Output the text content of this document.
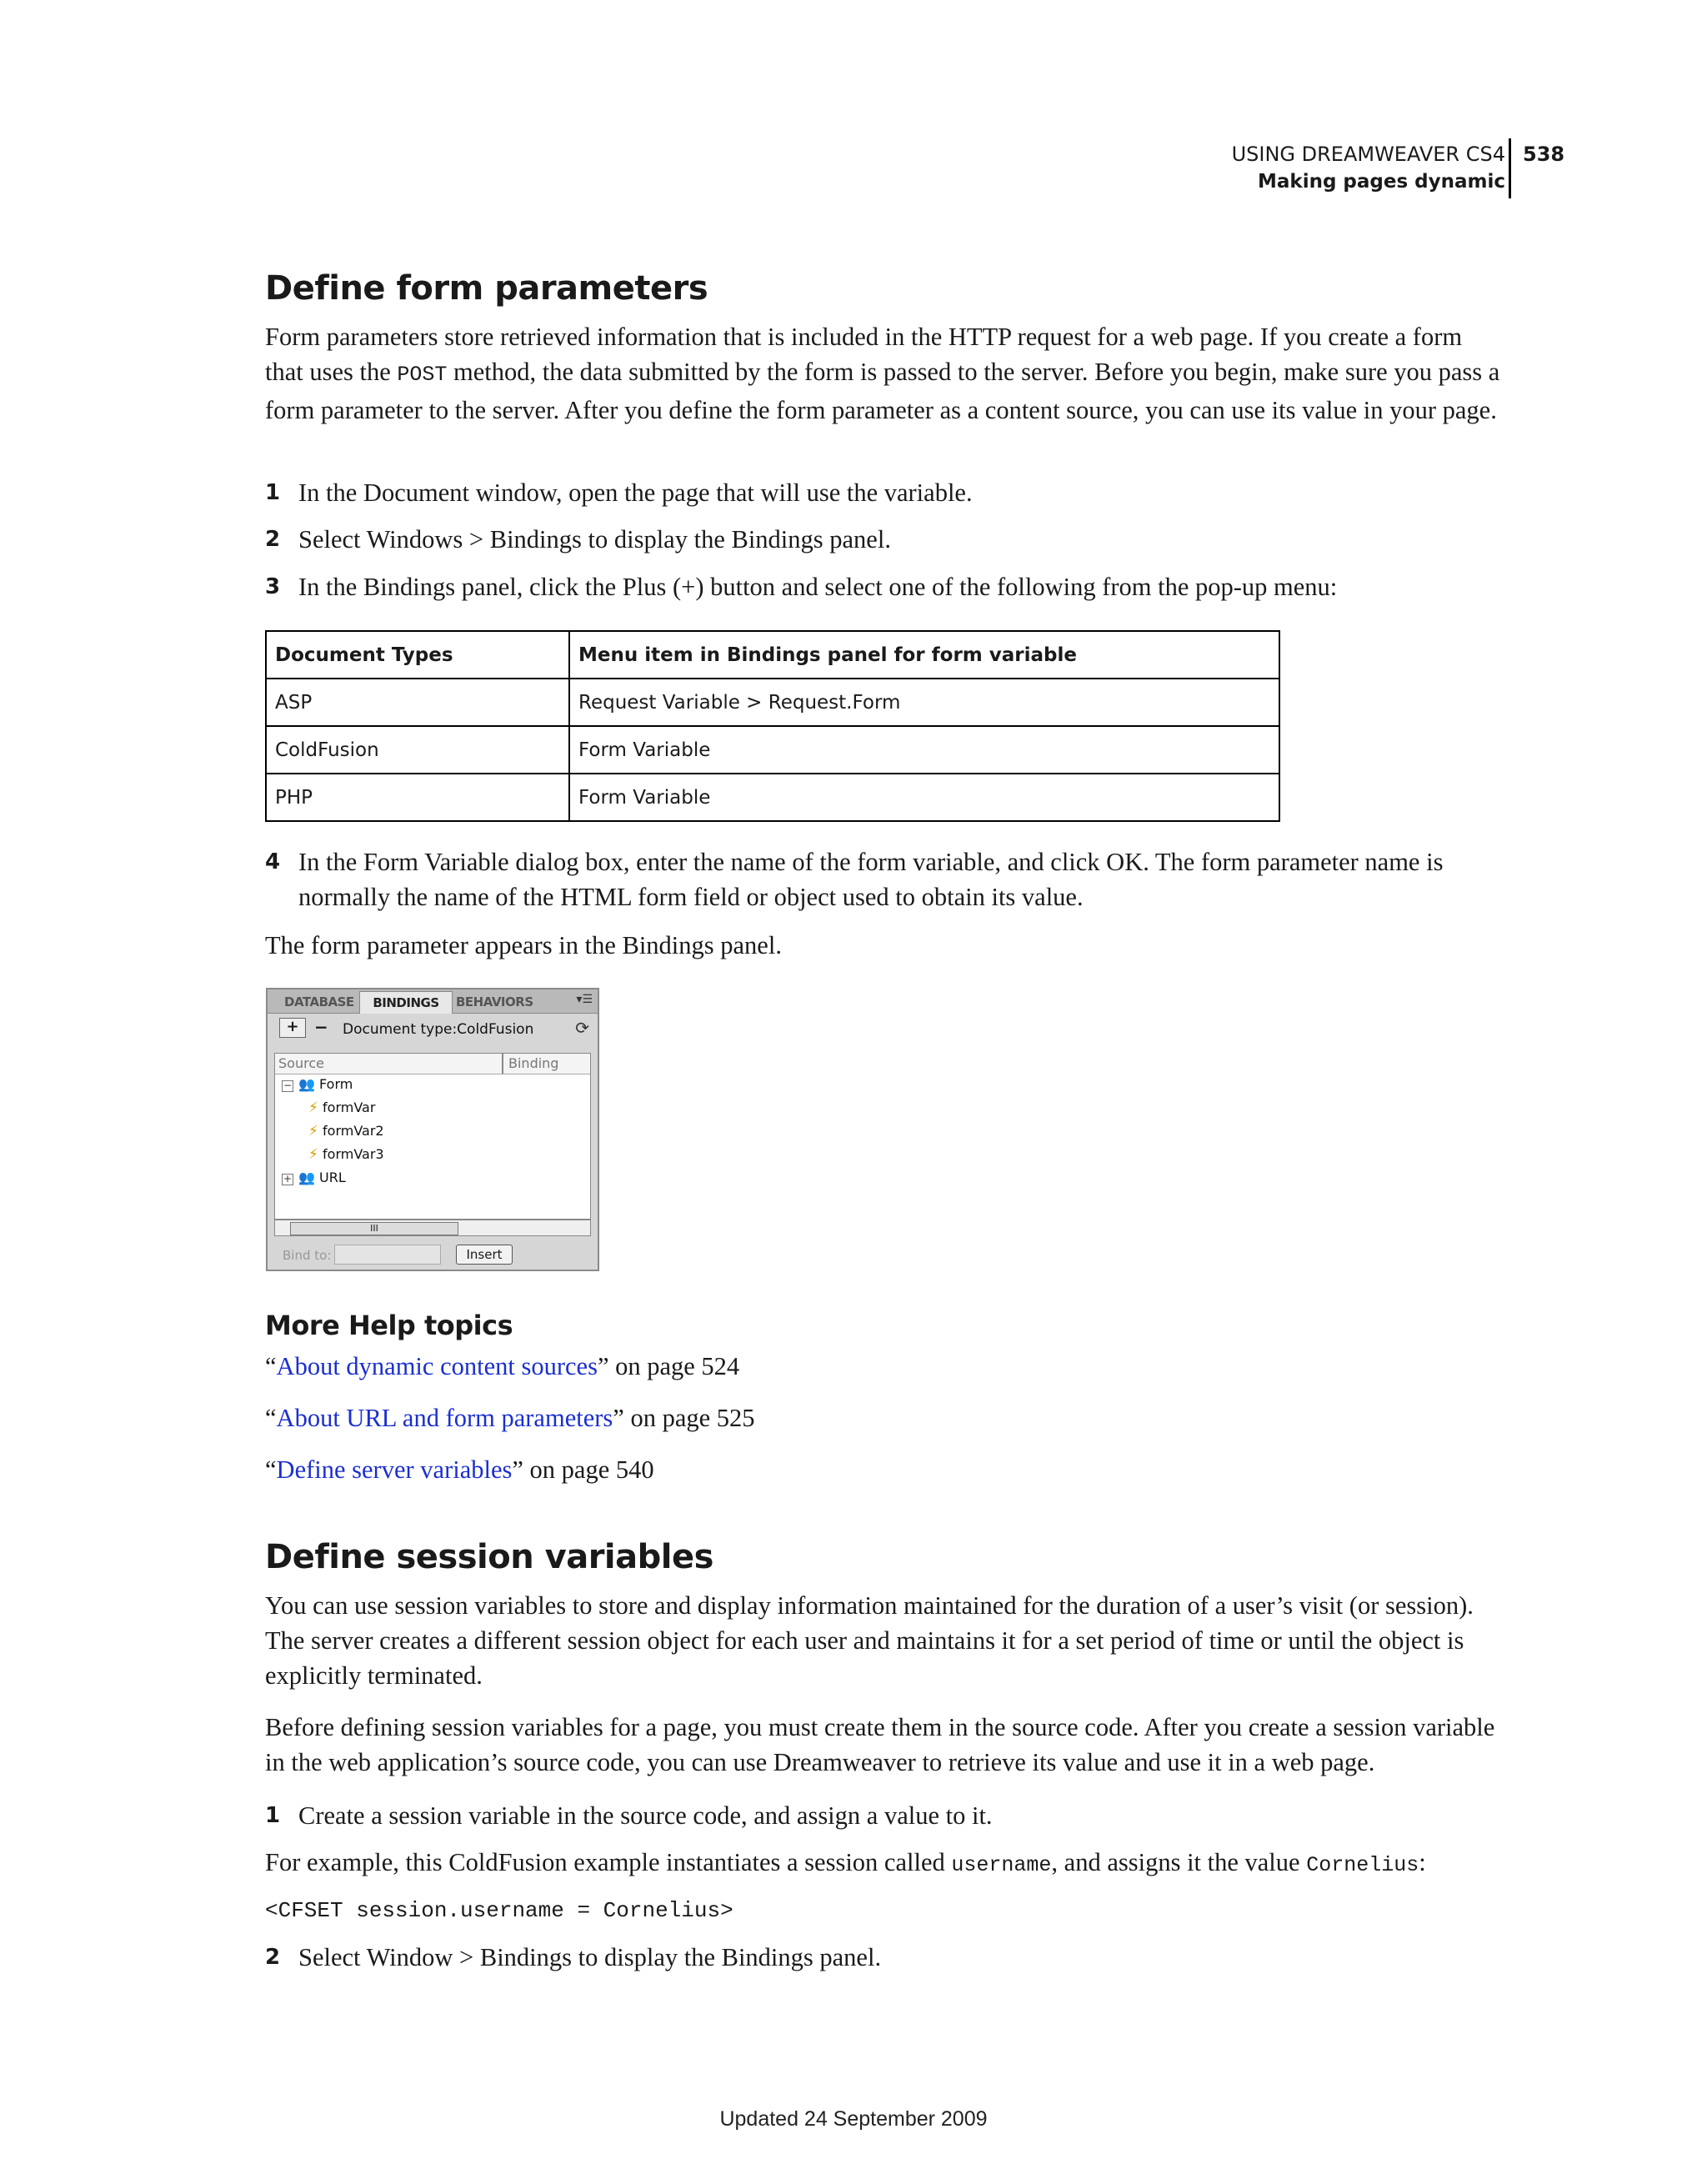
USING DREAMWEAVER CS4
Making pages dynamic
538
Define form parameters

Form parameters store retrieved information that is included in the HTTP request for a web page. If you create a form that uses the POST method, the data submitted by the form is passed to the server. Before you begin, make sure you pass a form parameter to the server. After you define the form parameter as a content source, you can use its value in your page.

1 In the Document window, open the page that will use the variable.

2 Select Windows > Bindings to display the Bindings panel.

3 In the Bindings panel, click the Plus (+) button and select one of the following from the pop-up menu:

Document Types	Menu item in Bindings panel for form variable
ASP	Request Variable > Request.Form
ColdFusion	Form Variable
PHP	Form Variable

4 In the Form Variable dialog box, enter the name of the form variable, and click OK. The form parameter name is normally the name of the HTML form field or object used to obtain its value.

The form parameter appears in the Bindings panel.

DATABASE	BINDINGS	BEHAVIORS	▾☰
+ − Document type:ColdFusion ⟳
Source	Binding
− 👥 Form
⚡ formVar
⚡ formVar2
⚡ formVar3
+ 👥 URL
III
Bind to:	Insert
More Help topics

“About dynamic content sources” on page 524

“About URL and form parameters” on page 525

“Define server variables” on page 540

Define session variables

You can use session variables to store and display information maintained for the duration of a user’s visit (or session). The server creates a different session object for each user and maintains it for a set period of time or until the object is explicitly terminated.

Before defining session variables for a page, you must create them in the source code. After you create a session variable in the web application’s source code, you can use Dreamweaver to retrieve its value and use it in a web page.

1 Create a session variable in the source code, and assign a value to it.

For example, this ColdFusion example instantiates a session called username, and assigns it the value Cornelius:

<CFSET session.username = Cornelius>

2 Select Window > Bindings to display the Bindings panel.

Updated 24 September 2009
